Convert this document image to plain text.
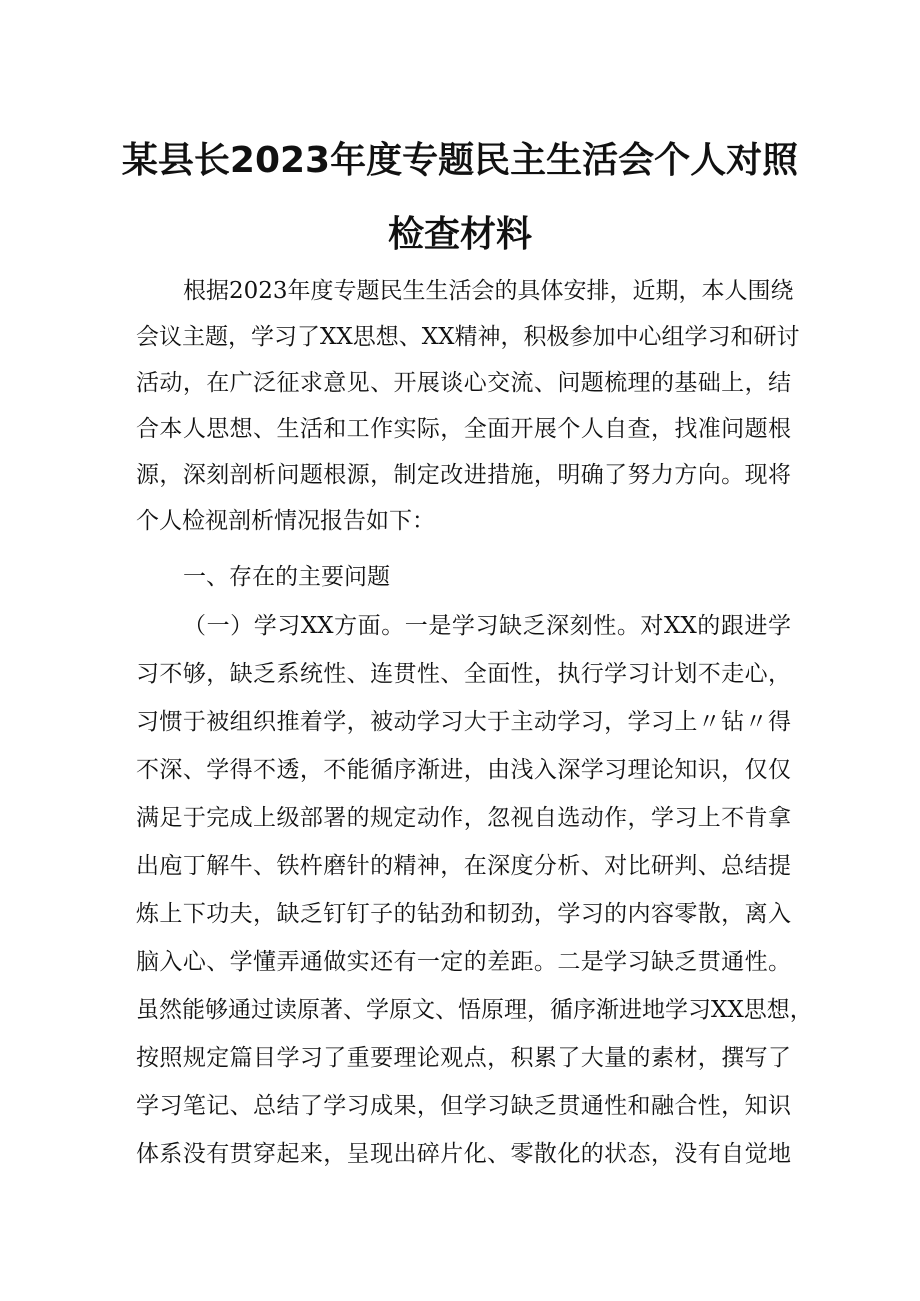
某县长2023年度专题民主生活会个人对照
检查材料
根据2023年度专题民生生活会的具体安排，近期，本人围绕
会议主题，学习了XX思想、XX精神，积极参加中心组学习和研讨
活动，在广泛征求意见、开展谈心交流、问题梳理的基础上，结
合本人思想、生活和工作实际，全面开展个人自查，找准问题根
源，深刻剖析问题根源，制定改进措施，明确了努力方向。现将
个人检视剖析情况报告如下：
一、存在的主要问题
（一）学习XX方面。一是学习缺乏深刻性。对XX的跟进学
习不够，缺乏系统性、连贯性、全面性，执行学习计划不走心，
习惯于被组织推着学，被动学习大于主动学习，学习上〃钻〃得
不深、学得不透，不能循序渐进，由浅入深学习理论知识，仅仅
满足于完成上级部署的规定动作，忽视自选动作，学习上不肯拿
出庖丁解牛、铁杵磨针的精神，在深度分析、对比研判、总结提
炼上下功夫，缺乏钉钉子的钻劲和韧劲，学习的内容零散，离入
脑入心、学懂弄通做实还有一定的差距。二是学习缺乏贯通性。
虽然能够通过读原著、学原文、悟原理，循序渐进地学习XX思想，
按照规定篇目学习了重要理论观点，积累了大量的素材，撰写了
学习笔记、总结了学习成果，但学习缺乏贯通性和融合性，知识
体系没有贯穿起来，呈现出碎片化、零散化的状态，没有自觉地
